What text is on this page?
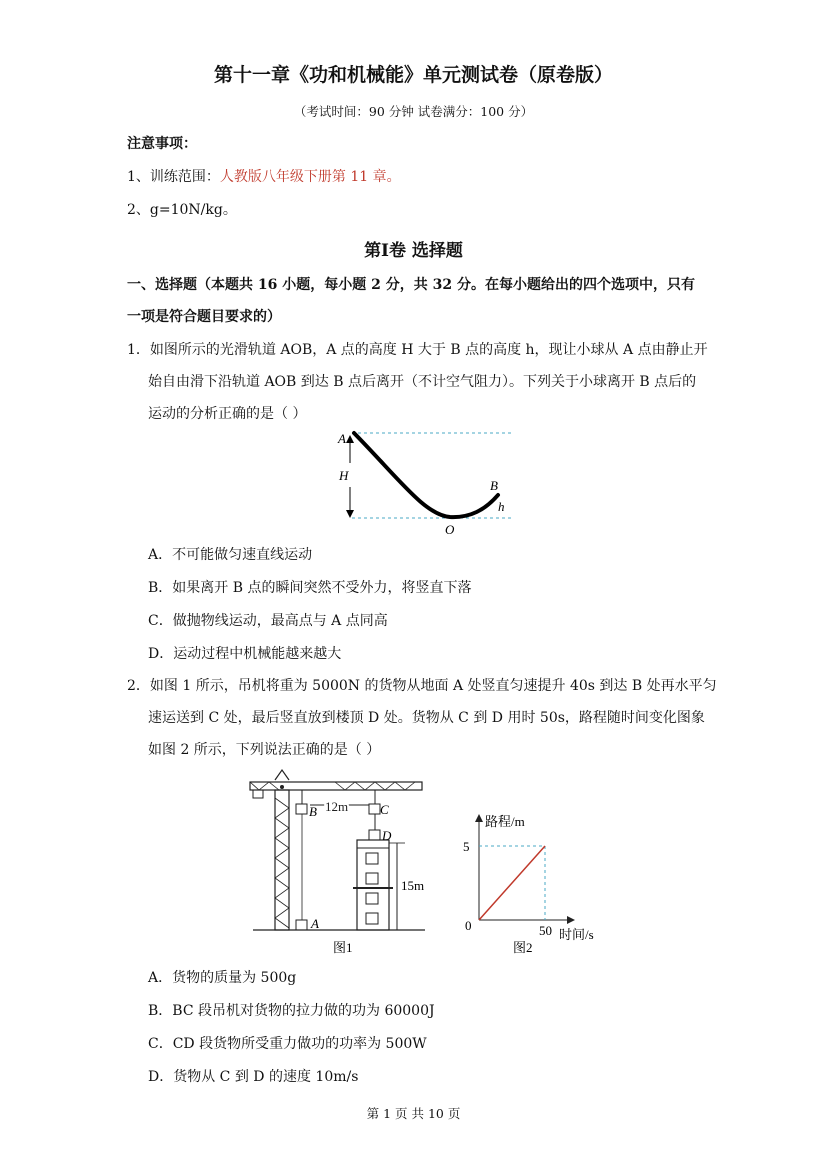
第十一章《功和机械能》单元测试卷（原卷版）
（考试时间：90 分钟 试卷满分：100 分）
注意事项：
1、训练范围：人教版八年级下册第 11 章。
2、g=10N/kg。
第Ⅰ卷 选择题
一、选择题（本题共 16 小题，每小题 2 分，共 32 分。在每小题给出的四个选项中，只有
一项是符合题目要求的）
1．如图所示的光滑轨道 AOB，A 点的高度 H 大于 B 点的高度 h，现让小球从 A 点由静止开
始自由滑下沿轨道 AOB 到达 B 点后离开（不计空气阻力）。下列关于小球离开 B 点后的
运动的分析正确的是（ ）
A
H
B
h
O
A．不可能做匀速直线运动
B．如果离开 B 点的瞬间突然不受外力，将竖直下落
C．做抛物线运动，最高点与 A 点同高
D．运动过程中机械能越来越大
2．如图 1 所示，吊机将重为 5000N 的货物从地面 A 处竖直匀速提升 40s 到达 B 处再水平匀
速运送到 C 处，最后竖直放到楼顶 D 处。货物从 C 到 D 用时 50s，路程随时间变化图象
如图 2 所示，下列说法正确的是（ ）
B	C
D
A
12m
15m
图1
路程/m
5
0	50 时间/s
图2
A．货物的质量为 500g
B．BC 段吊机对货物的拉力做的功为 60000J
C．CD 段货物所受重力做功的功率为 500W
D．货物从 C 到 D 的速度 10m/s
第 1 页 共 10 页
